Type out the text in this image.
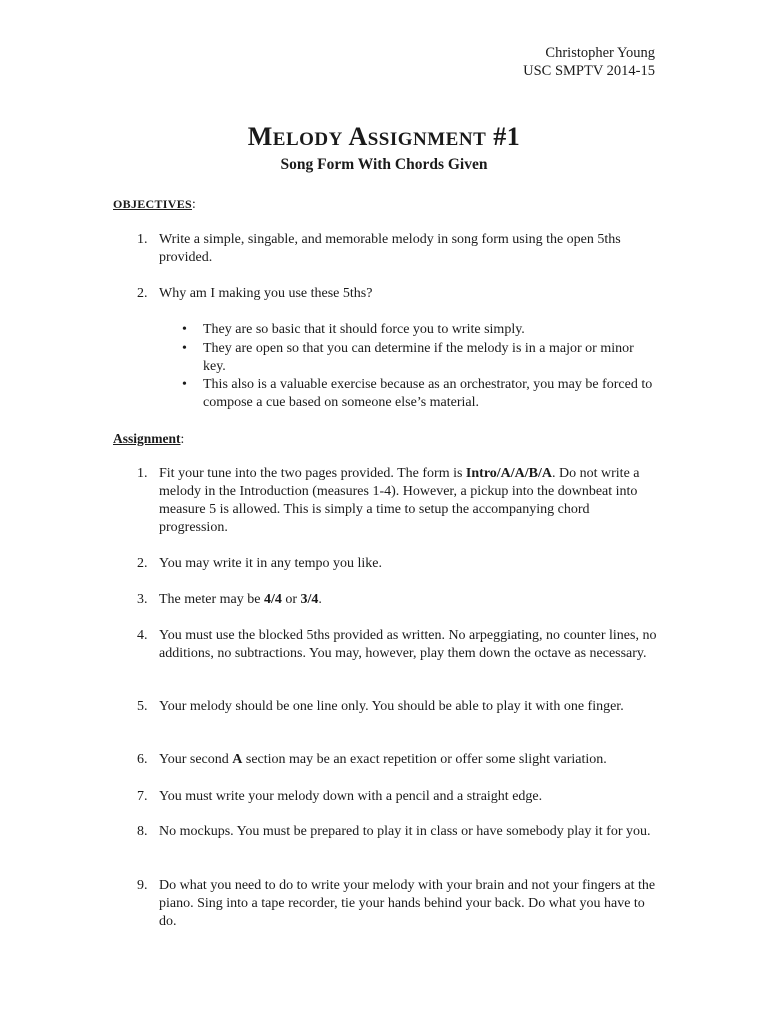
Christopher Young
USC SMPTV 2014-15
MELODY ASSIGNMENT #1
Song Form With Chords Given
OBJECTIVES:
1. Write a simple, singable, and memorable melody in song form using the open 5ths provided.
2. Why am I making you use these 5ths?
• They are so basic that it should force you to write simply.
• They are open so that you can determine if the melody is in a major or minor key.
• This also is a valuable exercise because as an orchestrator, you may be forced to compose a cue based on someone else’s material.
Assignment:
1. Fit your tune into the two pages provided. The form is Intro/A/A/B/A. Do not write a melody in the Introduction (measures 1-4). However, a pickup into the downbeat into measure 5 is allowed. This is simply a time to setup the accompanying chord progression.
2. You may write it in any tempo you like.
3. The meter may be 4/4 or 3/4.
4. You must use the blocked 5ths provided as written. No arpeggiating, no counter lines, no additions, no subtractions. You may, however, play them down the octave as necessary.
5. Your melody should be one line only. You should be able to play it with one finger.
6. Your second A section may be an exact repetition or offer some slight variation.
7. You must write your melody down with a pencil and a straight edge.
8. No mockups. You must be prepared to play it in class or have somebody play it for you.
9. Do what you need to do to write your melody with your brain and not your fingers at the piano. Sing into a tape recorder, tie your hands behind your back. Do what you have to do.
